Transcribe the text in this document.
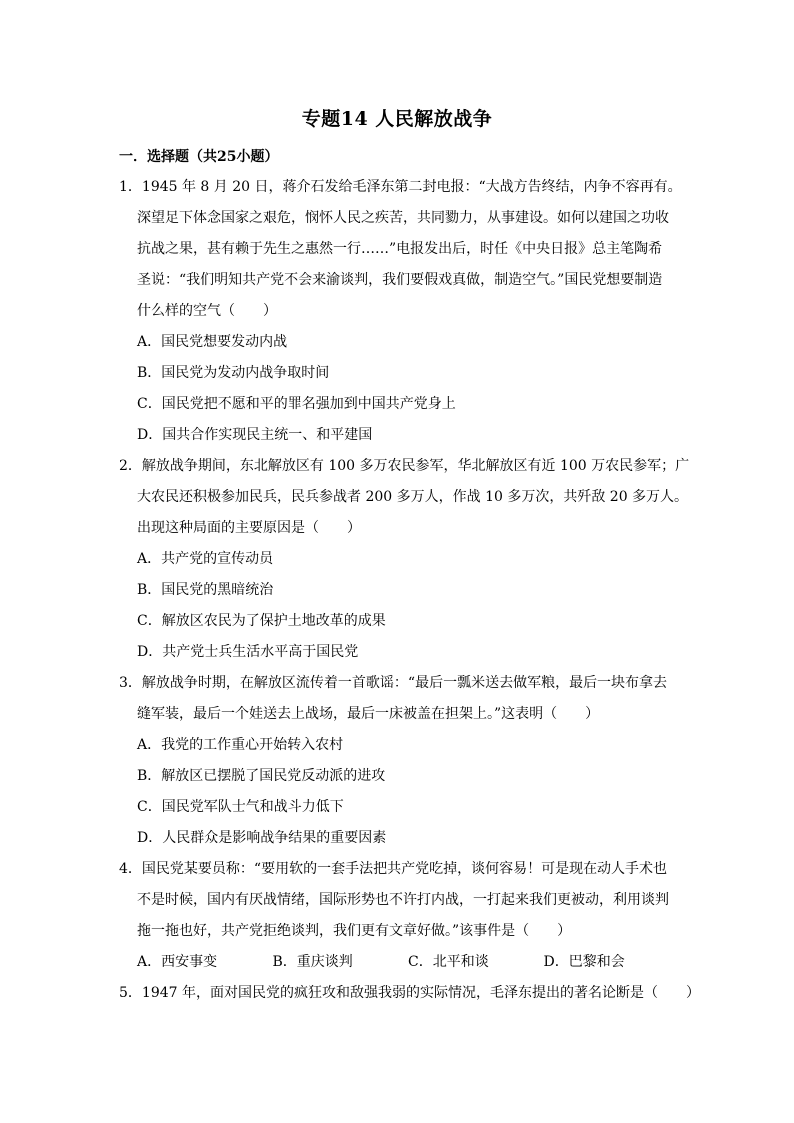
专题14 人民解放战争
一．选择题（共25小题）
1．1945 年 8 月 20 日，蒋介石发给毛泽东第二封电报：“大战方告终结，内争不容再有。
深望足下体念国家之艰危，悯怀人民之疾苦，共同勠力，从事建设。如何以建国之功收
抗战之果，甚有赖于先生之惠然一行……”电报发出后，时任《中央日报》总主笔陶希
圣说：“我们明知共产党不会来渝谈判，我们要假戏真做，制造空气。”国民党想要制造
什么样的空气（　　）
A．国民党想要发动内战
B．国民党为发动内战争取时间
C．国民党把不愿和平的罪名强加到中国共产党身上
D．国共合作实现民主统一、和平建国
2．解放战争期间，东北解放区有 100 多万农民参军，华北解放区有近 100 万农民参军；广
大农民还积极参加民兵，民兵参战者 200 多万人，作战 10 多万次，共歼敌 20 多万人。
出现这种局面的主要原因是（　　）
A．共产党的宣传动员
B．国民党的黑暗统治
C．解放区农民为了保护土地改革的成果
D．共产党士兵生活水平高于国民党
3．解放战争时期，在解放区流传着一首歌谣：“最后一瓢米送去做军粮，最后一块布拿去
缝军装，最后一个娃送去上战场，最后一床被盖在担架上。”这表明（　　）
A．我党的工作重心开始转入农村
B．解放区已摆脱了国民党反动派的进攻
C．国民党军队士气和战斗力低下
D．人民群众是影响战争结果的重要因素
4．国民党某要员称：“要用软的一套手法把共产党吃掉，谈何容易！可是现在动人手术也
不是时候，国内有厌战情绪，国际形势也不许打内战，一打起来我们更被动，利用谈判
拖一拖也好，共产党拒绝谈判，我们更有文章好做。”该事件是（　　）
A．西安事变	B．重庆谈判	C．北平和谈	D．巴黎和会
5．1947 年，面对国民党的疯狂攻和敌强我弱的实际情况，毛泽东提出的著名论断是（　　）
